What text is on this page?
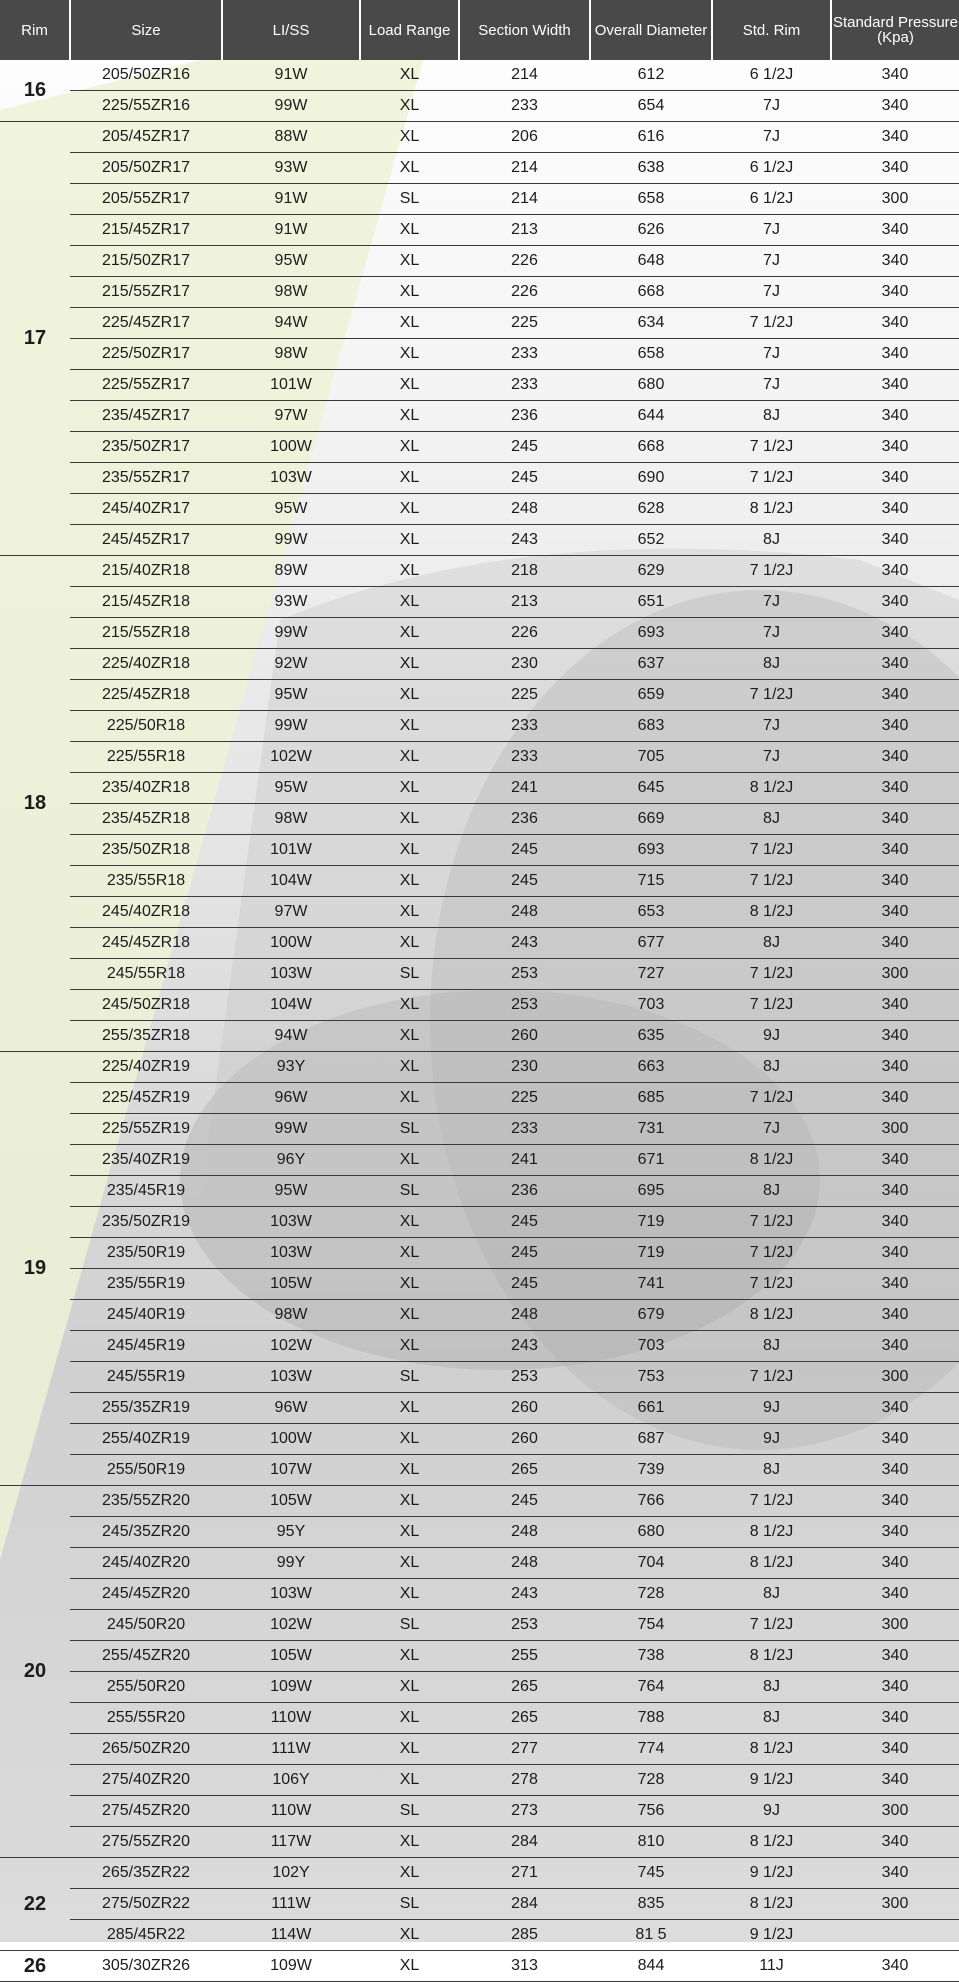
Rim	Size	LI/SS	Load Range	Section Width	Overall Diameter	Std. Rim	Standard Pressure
(Kpa)

16	205/50ZR16	91W	XL	214	612	6 1/2J	340
	225/55ZR16	99W	XL	233	654	7J	340
17	205/45ZR17	88W	XL	206	616	7J	340
	205/50ZR17	93W	XL	214	638	6 1/2J	340
	205/55ZR17	91W	SL	214	658	6 1/2J	300
	215/45ZR17	91W	XL	213	626	7J	340
	215/50ZR17	95W	XL	226	648	7J	340
	215/55ZR17	98W	XL	226	668	7J	340
	225/45ZR17	94W	XL	225	634	7 1/2J	340
	225/50ZR17	98W	XL	233	658	7J	340
	225/55ZR17	101W	XL	233	680	7J	340
	235/45ZR17	97W	XL	236	644	8J	340
	235/50ZR17	100W	XL	245	668	7 1/2J	340
	235/55ZR17	103W	XL	245	690	7 1/2J	340
	245/40ZR17	95W	XL	248	628	8 1/2J	340
	245/45ZR17	99W	XL	243	652	8J	340
18	215/40ZR18	89W	XL	218	629	7 1/2J	340
	215/45ZR18	93W	XL	213	651	7J	340
	215/55ZR18	99W	XL	226	693	7J	340
	225/40ZR18	92W	XL	230	637	8J	340
	225/45ZR18	95W	XL	225	659	7 1/2J	340
	225/50R18	99W	XL	233	683	7J	340
	225/55R18	102W	XL	233	705	7J	340
	235/40ZR18	95W	XL	241	645	8 1/2J	340
	235/45ZR18	98W	XL	236	669	8J	340
	235/50ZR18	101W	XL	245	693	7 1/2J	340
	235/55R18	104W	XL	245	715	7 1/2J	340
	245/40ZR18	97W	XL	248	653	8 1/2J	340
	245/45ZR18	100W	XL	243	677	8J	340
	245/55R18	103W	SL	253	727	7 1/2J	300
	245/50ZR18	104W	XL	253	703	7 1/2J	340
	255/35ZR18	94W	XL	260	635	9J	340
19	225/40ZR19	93Y	XL	230	663	8J	340
	225/45ZR19	96W	XL	225	685	7 1/2J	340
	225/55ZR19	99W	SL	233	731	7J	300
	235/40ZR19	96Y	XL	241	671	8 1/2J	340
	235/45R19	95W	SL	236	695	8J	340
	235/50ZR19	103W	XL	245	719	7 1/2J	340
	235/50R19	103W	XL	245	719	7 1/2J	340
	235/55R19	105W	XL	245	741	7 1/2J	340
	245/40R19	98W	XL	248	679	8 1/2J	340
	245/45R19	102W	XL	243	703	8J	340
	245/55R19	103W	SL	253	753	7 1/2J	300
	255/35ZR19	96W	XL	260	661	9J	340
	255/40ZR19	100W	XL	260	687	9J	340
	255/50R19	107W	XL	265	739	8J	340
20	235/55ZR20	105W	XL	245	766	7 1/2J	340
	245/35ZR20	95Y	XL	248	680	8 1/2J	340
	245/40ZR20	99Y	XL	248	704	8 1/2J	340
	245/45ZR20	103W	XL	243	728	8J	340
	245/50R20	102W	SL	253	754	7 1/2J	300
	255/45ZR20	105W	XL	255	738	8 1/2J	340
	255/50R20	109W	XL	265	764	8J	340
	255/55R20	110W	XL	265	788	8J	340
	265/50ZR20	111W	XL	277	774	8 1/2J	340
	275/40ZR20	106Y	XL	278	728	9 1/2J	340
	275/45ZR20	110W	SL	273	756	9J	300
	275/55ZR20	117W	XL	284	810	8 1/2J	340
22	265/35ZR22	102Y	XL	271	745	9 1/2J	340
	275/50ZR22	111W	SL	284	835	8 1/2J	300
	285/45R22	114W	XL	285	81 5	9 1/2J	
26	305/30ZR26	109W	XL	313	844	11J	340
